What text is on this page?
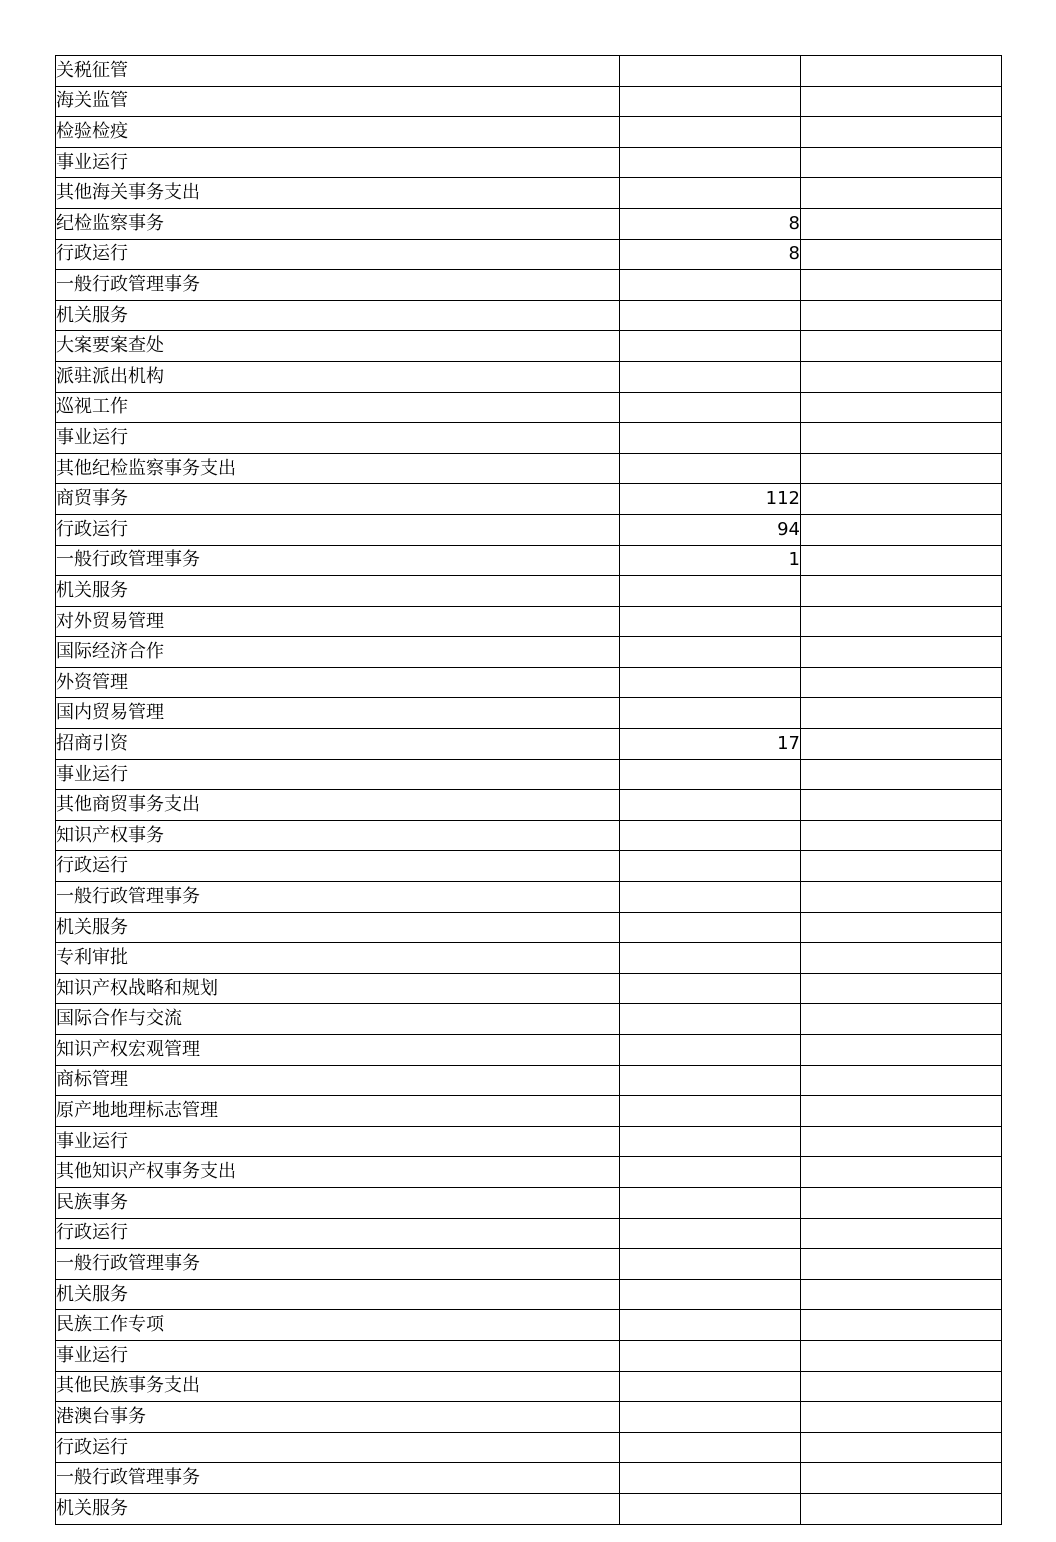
关税征管		
海关监管		
检验检疫		
事业运行		
其他海关事务支出		
纪检监察事务	8	
行政运行	8	
一般行政管理事务		
机关服务		
大案要案查处		
派驻派出机构		
巡视工作		
事业运行		
其他纪检监察事务支出		
商贸事务	112	
行政运行	94	
一般行政管理事务	1	
机关服务		
对外贸易管理		
国际经济合作		
外资管理		
国内贸易管理		
招商引资	17	
事业运行		
其他商贸事务支出		
知识产权事务		
行政运行		
一般行政管理事务		
机关服务		
专利审批		
知识产权战略和规划		
国际合作与交流		
知识产权宏观管理		
商标管理		
原产地地理标志管理		
事业运行		
其他知识产权事务支出		
民族事务		
行政运行		
一般行政管理事务		
机关服务		
民族工作专项		
事业运行		
其他民族事务支出		
港澳台事务		
行政运行		
一般行政管理事务		
机关服务		
